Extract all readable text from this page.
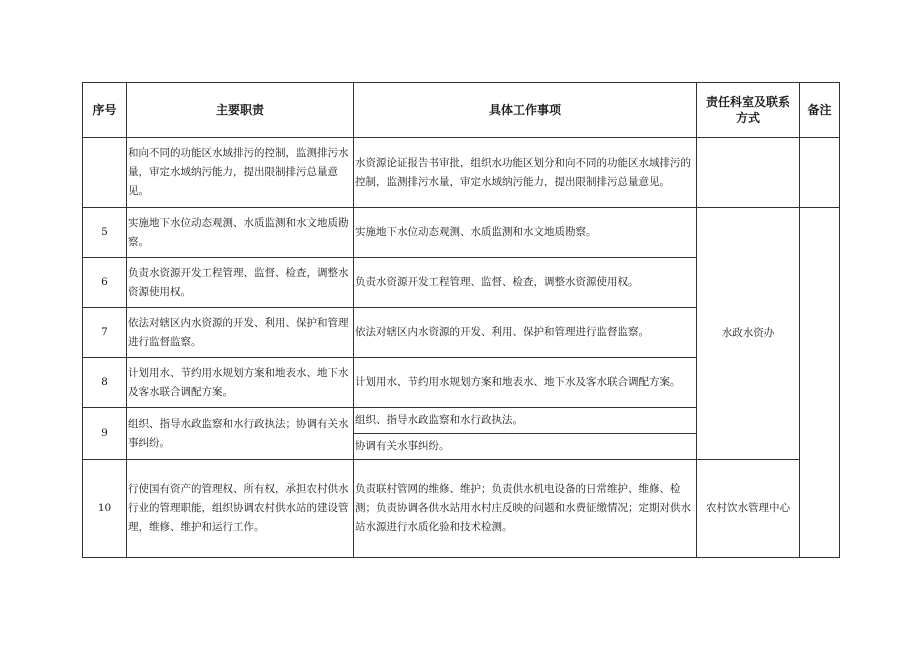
序号	主要职责	具体工作事项	责任科室及联系方式	备注
	和向不同的功能区水域排污的控制，监测排污水量，审定水域纳污能力，提出限制排污总量意见。	水资源论证报告书审批，组织水功能区划分和向不同的功能区水域排污的控制，监测排污水量，审定水域纳污能力，提出限制排污总量意见。		
5	实施地下水位动态观测、水质监测和水文地质勘察。	实施地下水位动态观测、水质监测和水文地质勘察。	水政水资办	
6	负责水资源开发工程管理、监督、检查，调整水资源使用权。	负责水资源开发工程管理、监督、检查，调整水资源使用权。		
7	依法对辖区内水资源的开发、利用、保护和管理进行监督监察。	依法对辖区内水资源的开发、利用、保护和管理进行监督监察。		
8	计划用水、节约用水规划方案和地表水、地下水及客水联合调配方案。	计划用水、节约用水规划方案和地表水、地下水及客水联合调配方案。		
9	组织、指导水政监察和水行政执法；协调有关水事纠纷。	组织、指导水政监察和水行政执法。
协调有关水事纠纷。		

10	行使国有资产的管理权、所有权，承担农村供水行业的管理职能，组织协调农村供水站的建设管理，维修、维护和运行工作。	负责联村管网的维修、维护；负责供水机电设备的日常维护、维修、检测；负责协调各供水站用水村庄反映的问题和水费征缴情况；定期对供水站水源进行水质化验和技术检测。	农村饮水管理中心	
